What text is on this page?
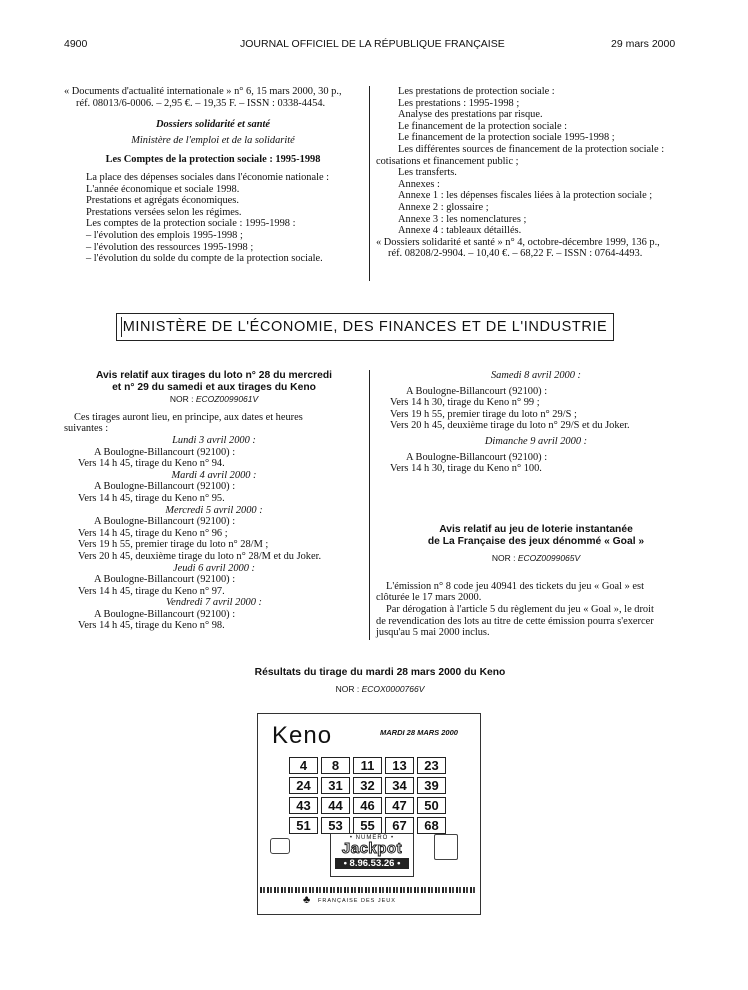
4900	JOURNAL OFFICIEL DE LA RÉPUBLIQUE FRANÇAISE	29 mars 2000
« Documents d'actualité internationale » n° 6, 15 mars 2000, 30 p.,
réf. 08013/6-0006. – 2,95 €. – 19,35 F. – ISSN : 0338-4454.
Dossiers solidarité et santé
Ministère de l'emploi et de la solidarité
Les Comptes de la protection sociale : 1995-1998
La place des dépenses sociales dans l'économie nationale :
L'année économique et sociale 1998.
Prestations et agrégats économiques.
Prestations versées selon les régimes.
Les comptes de la protection sociale : 1995-1998 :
– l'évolution des emplois 1995-1998 ;
– l'évolution des ressources 1995-1998 ;
– l'évolution du solde du compte de la protection sociale.
Les prestations de protection sociale :
Les prestations : 1995-1998 ;
Analyse des prestations par risque.
Le financement de la protection sociale :
Le financement de la protection sociale 1995-1998 ;
Les différentes sources de financement de la protection sociale :
cotisations et financement public ;
Les transferts.
Annexes :
Annexe 1 : les dépenses fiscales liées à la protection sociale ;
Annexe 2 : glossaire ;
Annexe 3 : les nomenclatures ;
Annexe 4 : tableaux détaillés.
« Dossiers solidarité et santé » n° 4, octobre-décembre 1999, 136 p.,
réf. 08208/2-9904. – 10,40 €. – 68,22 F. – ISSN : 0764-4493.
MINISTÈRE DE L'ÉCONOMIE, DES FINANCES ET DE L'INDUSTRIE
Avis relatif aux tirages du loto n° 28 du mercredi
et n° 29 du samedi et aux tirages du Keno
NOR : ECOZ0099061V
Ces tirages auront lieu, en principe, aux dates et heures
suivantes :
Lundi 3 avril 2000 :
A Boulogne-Billancourt (92100) :
Vers 14 h 45, tirage du Keno n° 94.
Mardi 4 avril 2000 :
A Boulogne-Billancourt (92100) :
Vers 14 h 45, tirage du Keno n° 95.
Mercredi 5 avril 2000 :
A Boulogne-Billancourt (92100) :
Vers 14 h 45, tirage du Keno n° 96 ;
Vers 19 h 55, premier tirage du loto n° 28/M ;
Vers 20 h 45, deuxième tirage du loto n° 28/M et du Joker.
Jeudi 6 avril 2000 :
A Boulogne-Billancourt (92100) :
Vers 14 h 45, tirage du Keno n° 97.
Vendredi 7 avril 2000 :
A Boulogne-Billancourt (92100) :
Vers 14 h 45, tirage du Keno n° 98.
Samedi 8 avril 2000 :
A Boulogne-Billancourt (92100) :
Vers 14 h 30, tirage du Keno n° 99 ;
Vers 19 h 55, premier tirage du loto n° 29/S ;
Vers 20 h 45, deuxième tirage du loto n° 29/S et du Joker.
Dimanche 9 avril 2000 :
A Boulogne-Billancourt (92100) :
Vers 14 h 30, tirage du Keno n° 100.
Avis relatif au jeu de loterie instantanée
de La Française des jeux dénommé « Goal »
NOR : ECOZ0099065V
L'émission n° 8 code jeu 40941 des tickets du jeu « Goal » est
clôturée le 17 mars 2000.
Par dérogation à l'article 5 du règlement du jeu « Goal », le droit
de revendication des lots au titre de cette émission pourra s'exercer
jusqu'au 5 mai 2000 inclus.
Résultats du tirage du mardi 28 mars 2000 du Keno
NOR : ECOX0000766V
Keno	MARDI 28 MARS 2000
4	8	11	13	23
24	31	32	34	39
43	44	46	47	50
51	53	55	67	68
• NUMERO •
Jackpot
• 8.96.53.26 •
♣ FRANÇAISE DES JEUX
